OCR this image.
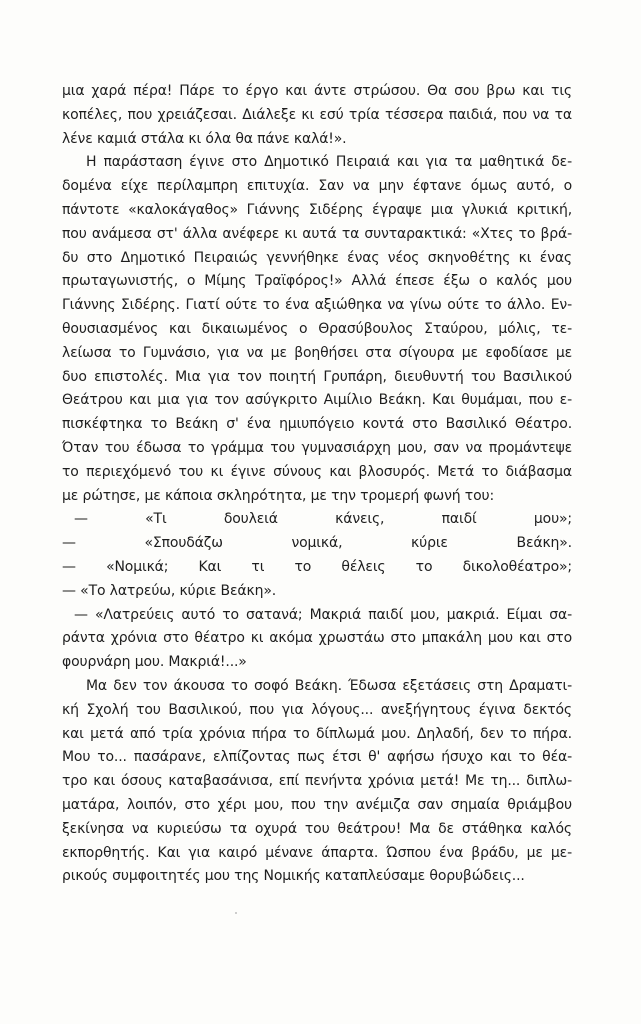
μια χαρά πέρα! Πάρε το έργο και άντε στρώσου. Θα σου βρω και τις
κοπέλες, που χρειάζεσαι. Διάλεξε κι εσύ τρία τέσσερα παιδιά, που να τα
λένε καμιά στάλα κι όλα θα πάνε καλά!».
Η παράσταση έγινε στο Δημοτικό Πειραιά και για τα μαθητικά δε-
δομένα είχε περίλαμπρη επιτυχία. Σαν να μην έφτανε όμως αυτό, ο
πάντοτε «καλοκάγαθος» Γιάννης Σιδέρης έγραψε μια γλυκιά κριτική,
που ανάμεσα στ' άλλα ανέφερε κι αυτά τα συνταρακτικά: «Χτες το βρά-
δυ στο Δημοτικό Πειραιώς γεννήθηκε ένας νέος σκηνοθέτης κι ένας
πρωταγωνιστής, ο Μίμης Τραϊφόρος!» Αλλά έπεσε έξω ο καλός μου
Γιάννης Σιδέρης. Γιατί ούτε το ένα αξιώθηκα να γίνω ούτε το άλλο. Εν-
θουσιασμένος και δικαιωμένος ο Θρασύβουλος Σταύρου, μόλις, τε-
λείωσα το Γυμνάσιο, για να με βοηθήσει στα σίγουρα με εφοδίασε με
δυο επιστολές. Μια για τον ποιητή Γρυπάρη, διευθυντή του Βασιλικού
Θεάτρου και μια για τον ασύγκριτο Αιμίλιο Βεάκη. Και θυμάμαι, που ε-
πισκέφτηκα το Βεάκη σ' ένα ημιυπόγειο κοντά στο Βασιλικό Θέατρο.
Όταν του έδωσα το γράμμα του γυμνασιάρχη μου, σαν να προμάντεψε
το περιεχόμενό του κι έγινε σύνους και βλοσυρός. Μετά το διάβασμα
με ρώτησε, με κάποια σκληρότητα, με την τρομερή φωνή του:
— «Τι δουλειά κάνεις, παιδί μου»;
— «Σπουδάζω νομικά, κύριε Βεάκη».
— «Νομικά; Και τι το θέλεις το δικολοθέατρο»;
— «Το λατρεύω, κύριε Βεάκη».
— «Λατρεύεις αυτό το σατανά; Μακριά παιδί μου, μακριά. Είμαι σα-
ράντα χρόνια στο θέατρο κι ακόμα χρωστάω στο μπακάλη μου και στο
φουρνάρη μου. Μακριά!...»
Μα δεν τον άκουσα το σοφό Βεάκη. Έδωσα εξετάσεις στη Δραματι-
κή Σχολή του Βασιλικού, που για λόγους... ανεξήγητους έγινα δεκτός
και μετά από τρία χρόνια πήρα το δίπλωμά μου. Δηλαδή, δεν το πήρα.
Μου το... πασάρανε, ελπίζοντας πως έτσι θ' αφήσω ήσυχο και το θέα-
τρο και όσους καταβασάνισα, επί πενήντα χρόνια μετά! Με τη... διπλω-
ματάρα, λοιπόν, στο χέρι μου, που την ανέμιζα σαν σημαία θριάμβου
ξεκίνησα να κυριεύσω τα οχυρά του θεάτρου! Μα δε στάθηκα καλός
εκπορθητής. Και για καιρό μένανε άπαρτα. Ώσπου ένα βράδυ, με με-
ρικούς συμφοιτητές μου της Νομικής καταπλεύσαμε θορυβώδεις...
